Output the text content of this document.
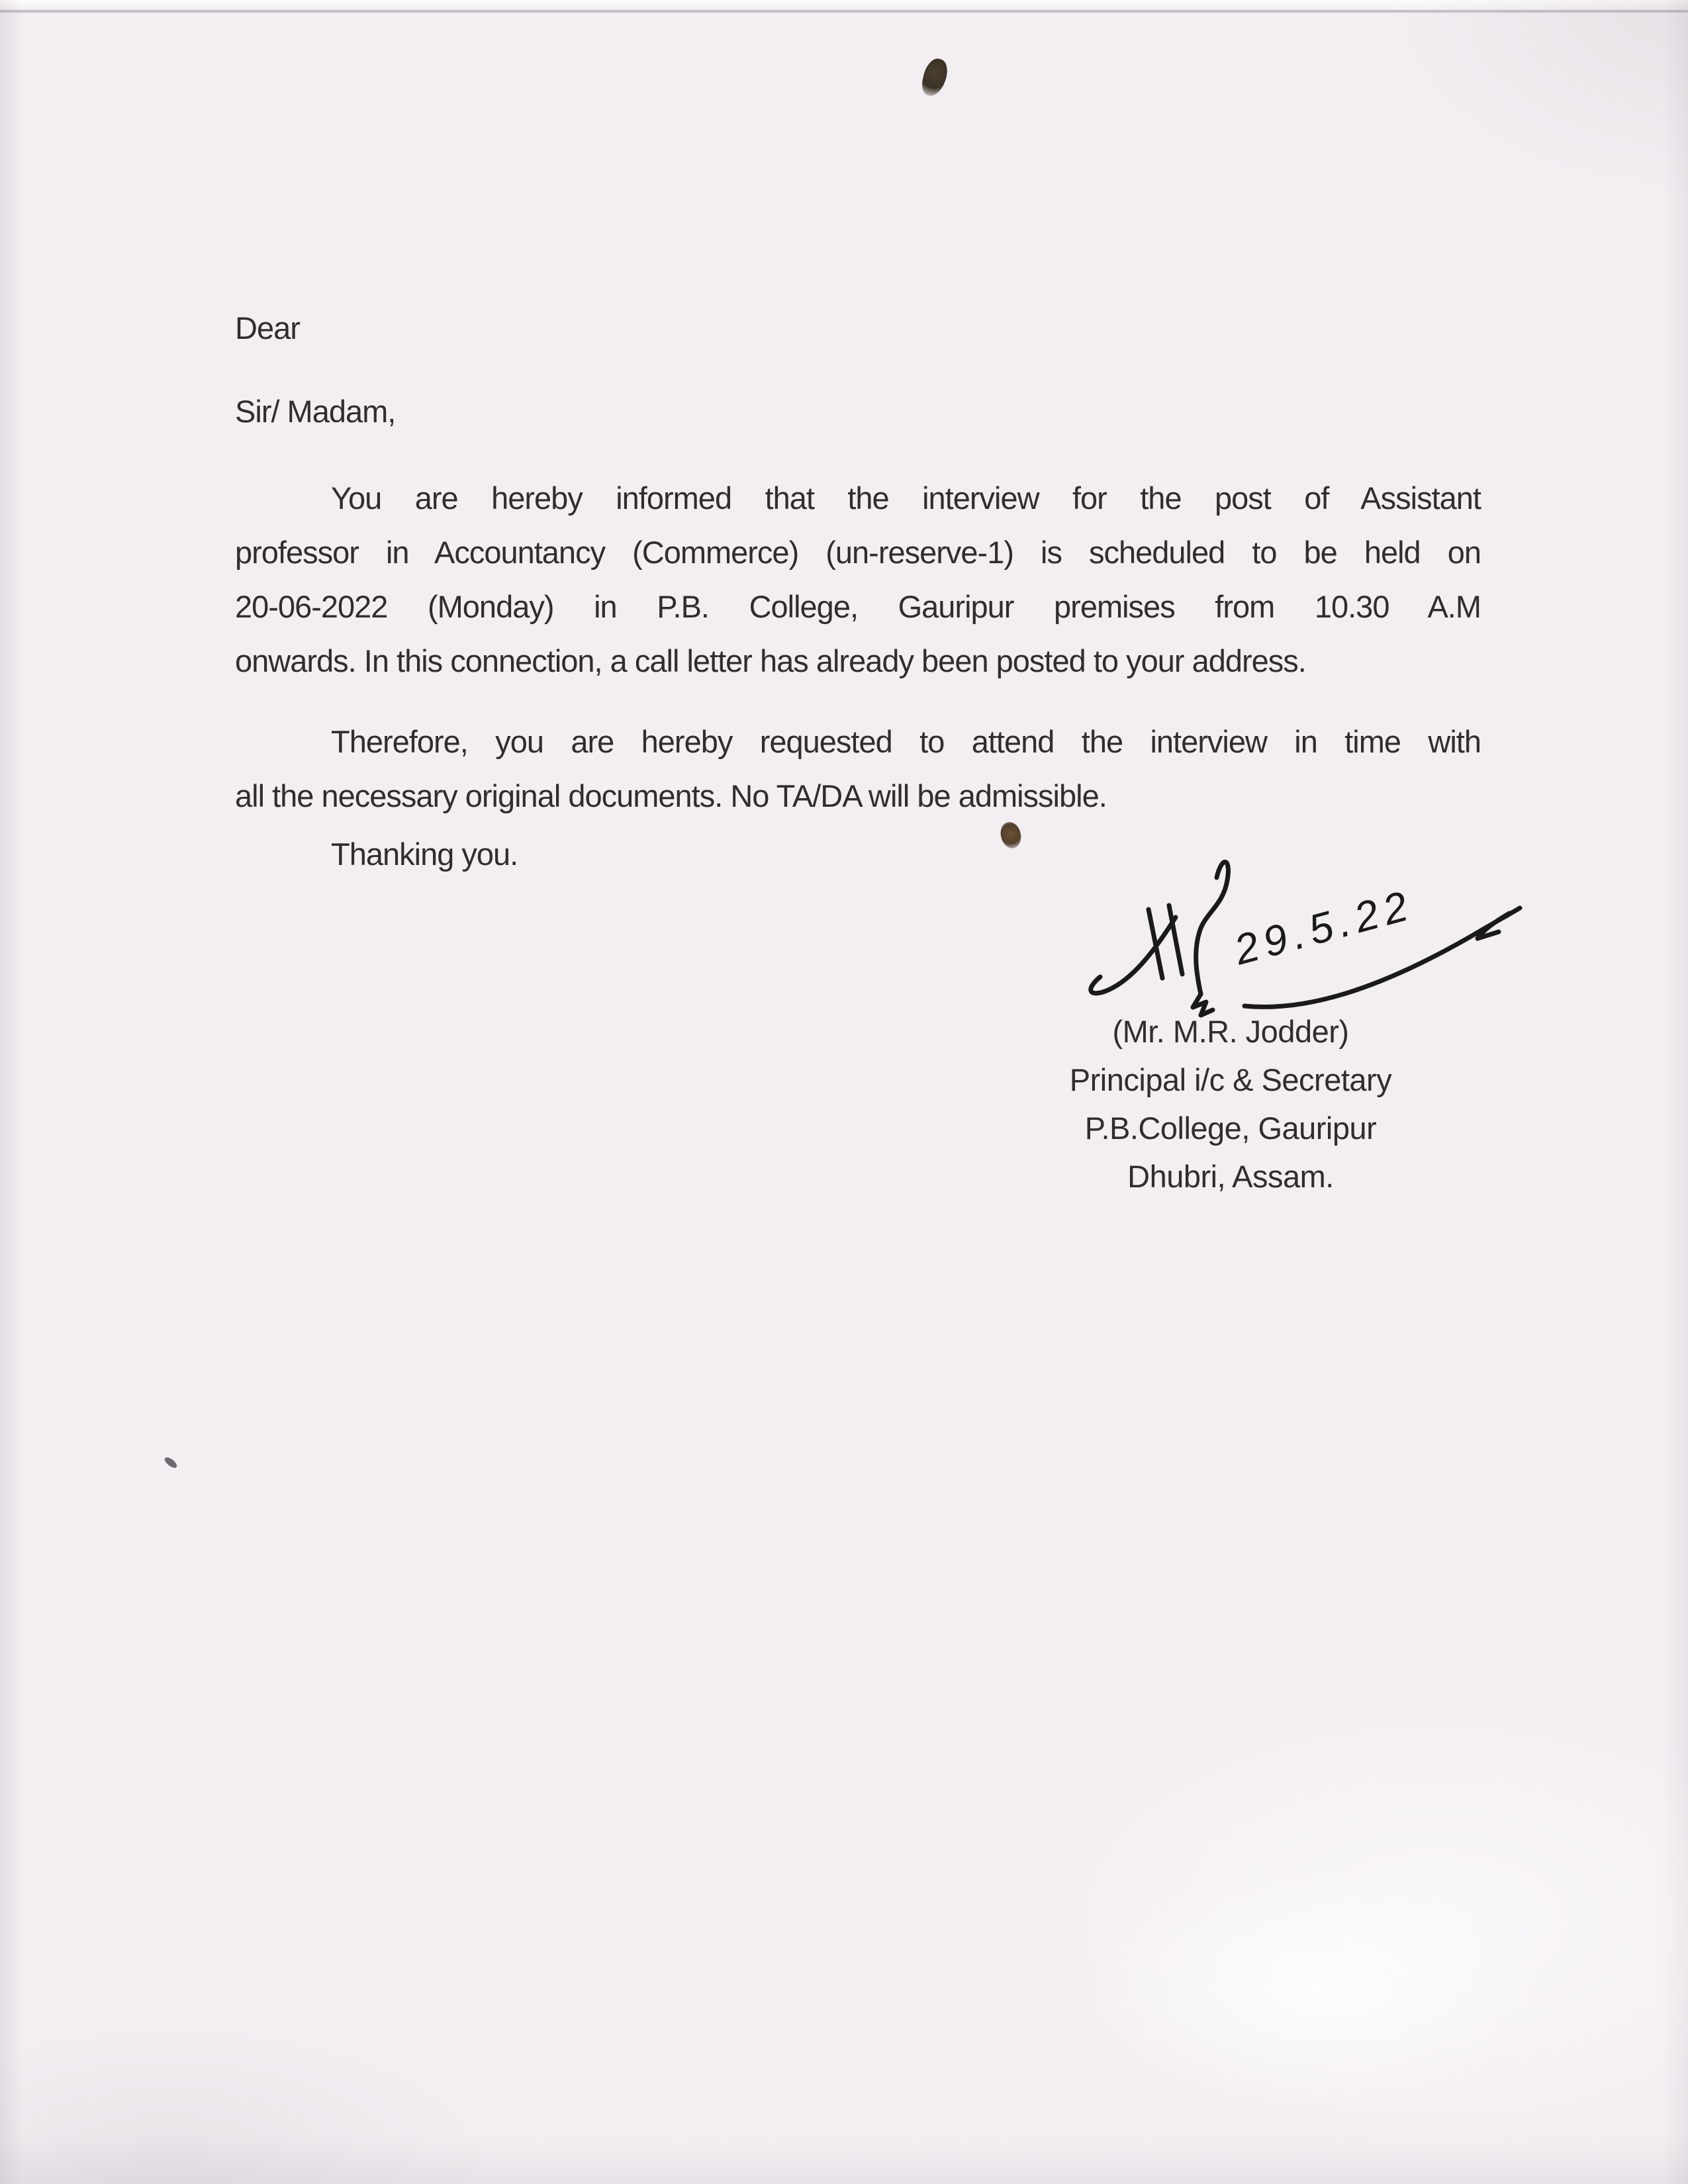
Dear
Sir/ Madam,
You are hereby informed that the interview for the post of Assistant
professor in Accountancy (Commerce) (un-reserve-1) is scheduled to be held on
20-06-2022 (Monday) in P.B. College, Gauripur premises from 10.30 A.M
onwards. In this connection, a call letter has already been posted to your address.
Therefore, you are hereby requested to attend the interview in time with
all the necessary original documents. No TA/DA will be admissible.
Thanking you.
29.5.22
(Mr. M.R. Jodder)
Principal i/c & Secretary
P.B.College, Gauripur
Dhubri, Assam.
